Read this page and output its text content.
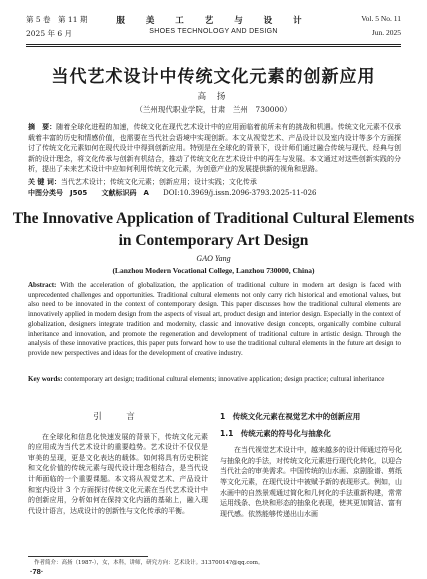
第 5 卷　第 11 期	服 美 工 艺 与 设 计	Vol. 5 No. 11
2025 年 6 月	SHOES TECHNOLOGY AND DESIGN	Jun. 2025
当代艺术设计中传统文化元素的创新应用
高 扬
（兰州现代职业学院，甘肃　兰州　730000）
摘　要：随着全球化进程的加速，传统文化在现代艺术设计中的应用面临着前所未有的挑战和机遇。传统文化元素不仅承载着丰富的历史和情感价值，也需要在当代社会语境中实现创新。本文从视觉艺术、产品设计以及室内设计等多个方面探讨了传统文化元素如何在现代设计中得到创新应用。特别是在全球化的背景下，设计师们通过融合传统与现代、经典与创新的设计理念，将文化传承与创新有机结合，推动了传统文化在艺术设计中的再生与发展。本文通过对这些创新实践的分析，提出了未来艺术设计中应如何利用传统文化元素，为创意产业的发展提供新的视角和思路。
关 键 词：当代艺术设计；传统文化元素；创新应用；设计实践；文化传承
中图分类号　J505 文献标识码　A DOI:10.3969/j.issn.2096-3793.2025-11-026
The Innovative Application of Traditional Cultural Elements in Contemporary Art Design
GAO Yang
(Lanzhou Modern Vocational College, Lanzhou 730000, China)
Abstract: With the acceleration of globalization, the application of traditional culture in modern art design is faced with unprecedented challenges and opportunities. Traditional cultural elements not only carry rich historical and emotional values, but also need to be innovated in the context of contemporary design. This paper discusses how the traditional cultural elements are innovatively applied in modern design from the aspects of visual art, product design and interior design. Especially in the context of globalization, designers integrate tradition and modernity, classic and innovative design concepts, organically combine cultural inheritance and innovation, and promote the regeneration and development of traditional culture in artistic design. Through the analysis of these innovative practices, this paper puts forward how to use the traditional cultural elements in the future art design to provide new perspectives and ideas for the development of creative industry.
Key words: contemporary art design; traditional cultural elements; innovative application; design practice; cultural inheritance
引　言

在全球化和信息化快速发展的背景下，传统文化元素的应用成为当代艺术设计的重要趋势。艺术设计不仅仅是审美的呈现，更是文化表达的载体。如何将具有历史积淀和文化价值的传统元素与现代设计理念相结合，是当代设计师面临的一个重要课题。本文将从视觉艺术、产品设计和室内设计 3 个方面探讨传统文化元素在当代艺术设计中的创新应用，分析如何在保持文化内涵的基础上，融入现代设计语言，达成设计的创新性与文化传承的平衡。

1　传统文化元素在视觉艺术中的创新应用
1.1　传统元素的符号化与抽象化

在当代视觉艺术设计中，越来越多的设计师通过符号化与抽象化的手法，对传统文化元素进行现代化转化，以迎合当代社会的审美需求。中国传统的山水画、京剧脸谱、剪纸等文化元素，在现代设计中被赋予新的表现形式。例如，山水画中的自然景观通过简化和几何化的手法重新构建，常常运用线条、色块和形态的抽象化表现，使其更加简洁、富有现代感。依然能够传递出山水画

作者简介：高扬（1987-），女，本科，讲师，研究方向：艺术设计。31370014?@qq.com。
·78·
